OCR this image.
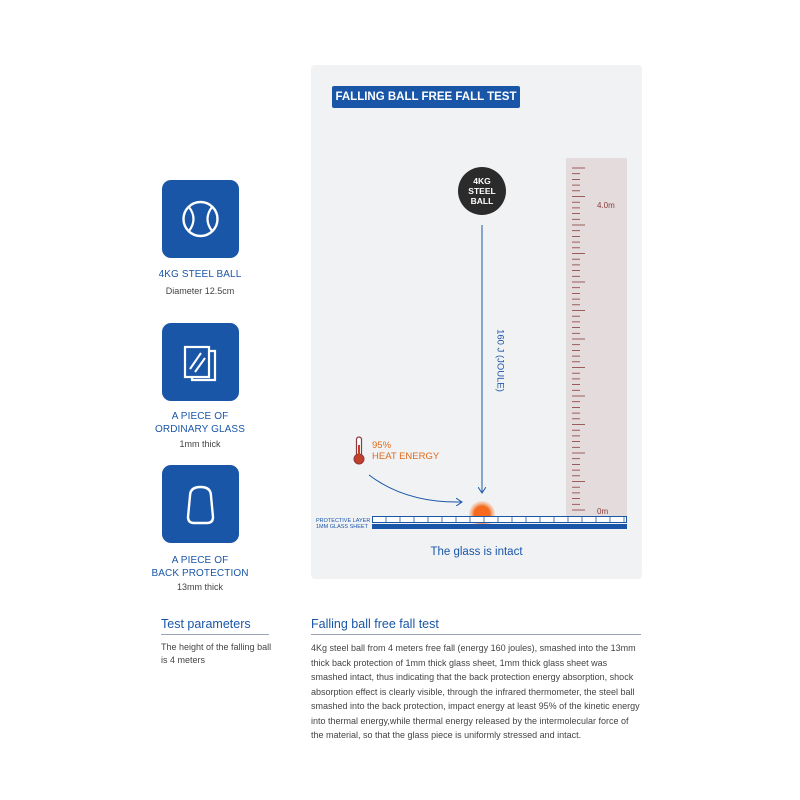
4KG STEEL BALL
Diameter 12.5cm
A PIECE OF
ORDINARY GLASS
1mm thick
A PIECE OF
BACK PROTECTION
13mm thick
FALLING BALL FREE FALL TEST
4.0m
0m
4KG
STEEL
BALL
160 J (JOULE)
95%
HEAT ENERGY
PROTECTIVE LAYER
1MM GLASS SHEET
The glass is intact
Test parameters
The height of the falling ball is 4 meters
Falling ball free fall test
4Kg steel ball from 4 meters free fall (energy 160 joules), smashed into the 13mm thick back protection of 1mm thick glass sheet, 1mm thick glass sheet was smashed intact, thus indicating that the back protection energy absorption, shock absorption effect is clearly visible, through the infrared thermometer, the steel ball smashed into the back protection, impact energy at least 95% of the kinetic energy into thermal energy,while thermal energy released by the intermolecular force of the material, so that the glass piece is uniformly stressed and intact.
